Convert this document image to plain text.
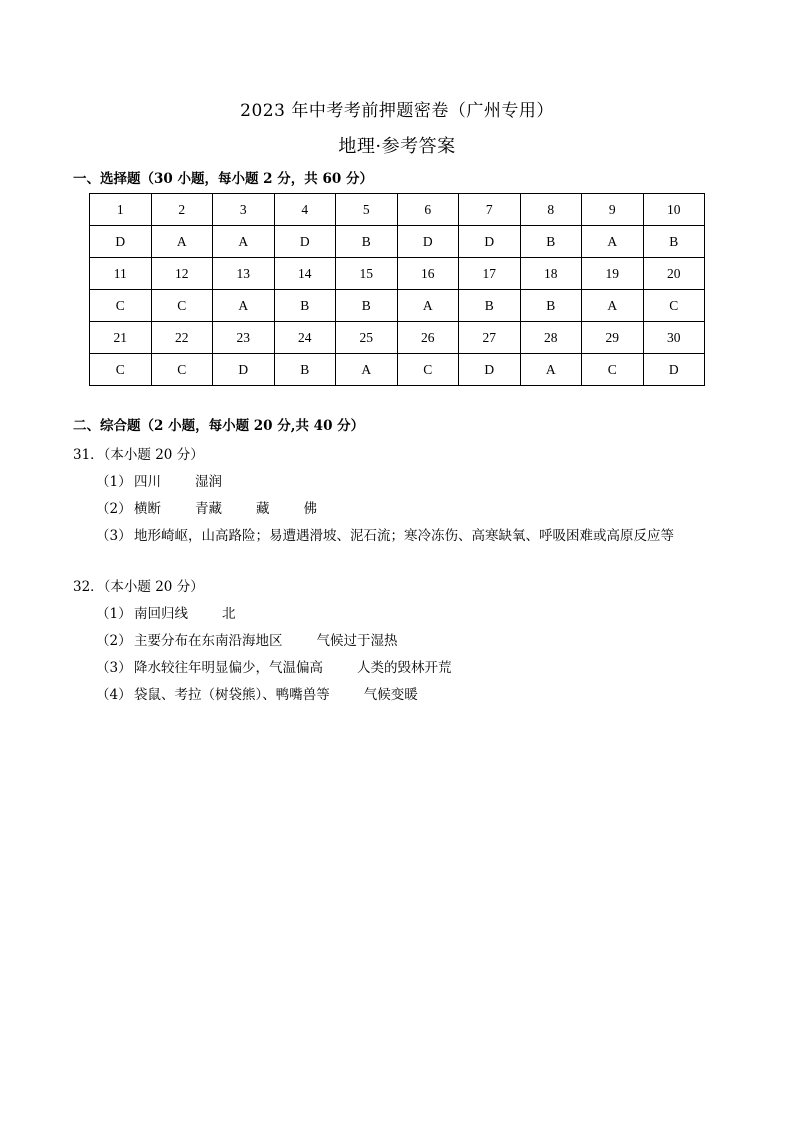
2023 年中考考前押题密卷（广州专用）
地理·参考答案
一、选择题（30 小题，每小题 2 分，共 60 分）
1	2	3	4	5	6	7	8	9	10
D	A	A	D	B	D	D	B	A	B
11	12	13	14	15	16	17	18	19	20
C	C	A	B	B	A	B	B	A	C
21	22	23	24	25	26	27	28	29	30
C	C	D	B	A	C	D	A	C	D
二、综合题（2 小题，每小题 20 分,共 40 分）
31．（本小题 20 分）
（1） 四川	湿润
（2） 横断	青藏	藏	佛
（3） 地形崎岖，山高路险；易遭遇滑坡、泥石流；寒冷冻伤、高寒缺氧、呼吸困难或高原反应等
32．（本小题 20 分）
（1） 南回归线	北
（2） 主要分布在东南沿海地区	气候过于湿热
（3） 降水较往年明显偏少，气温偏高	人类的毁林开荒
（4） 袋鼠、考拉（树袋熊）、鸭嘴兽等	气候变暖
